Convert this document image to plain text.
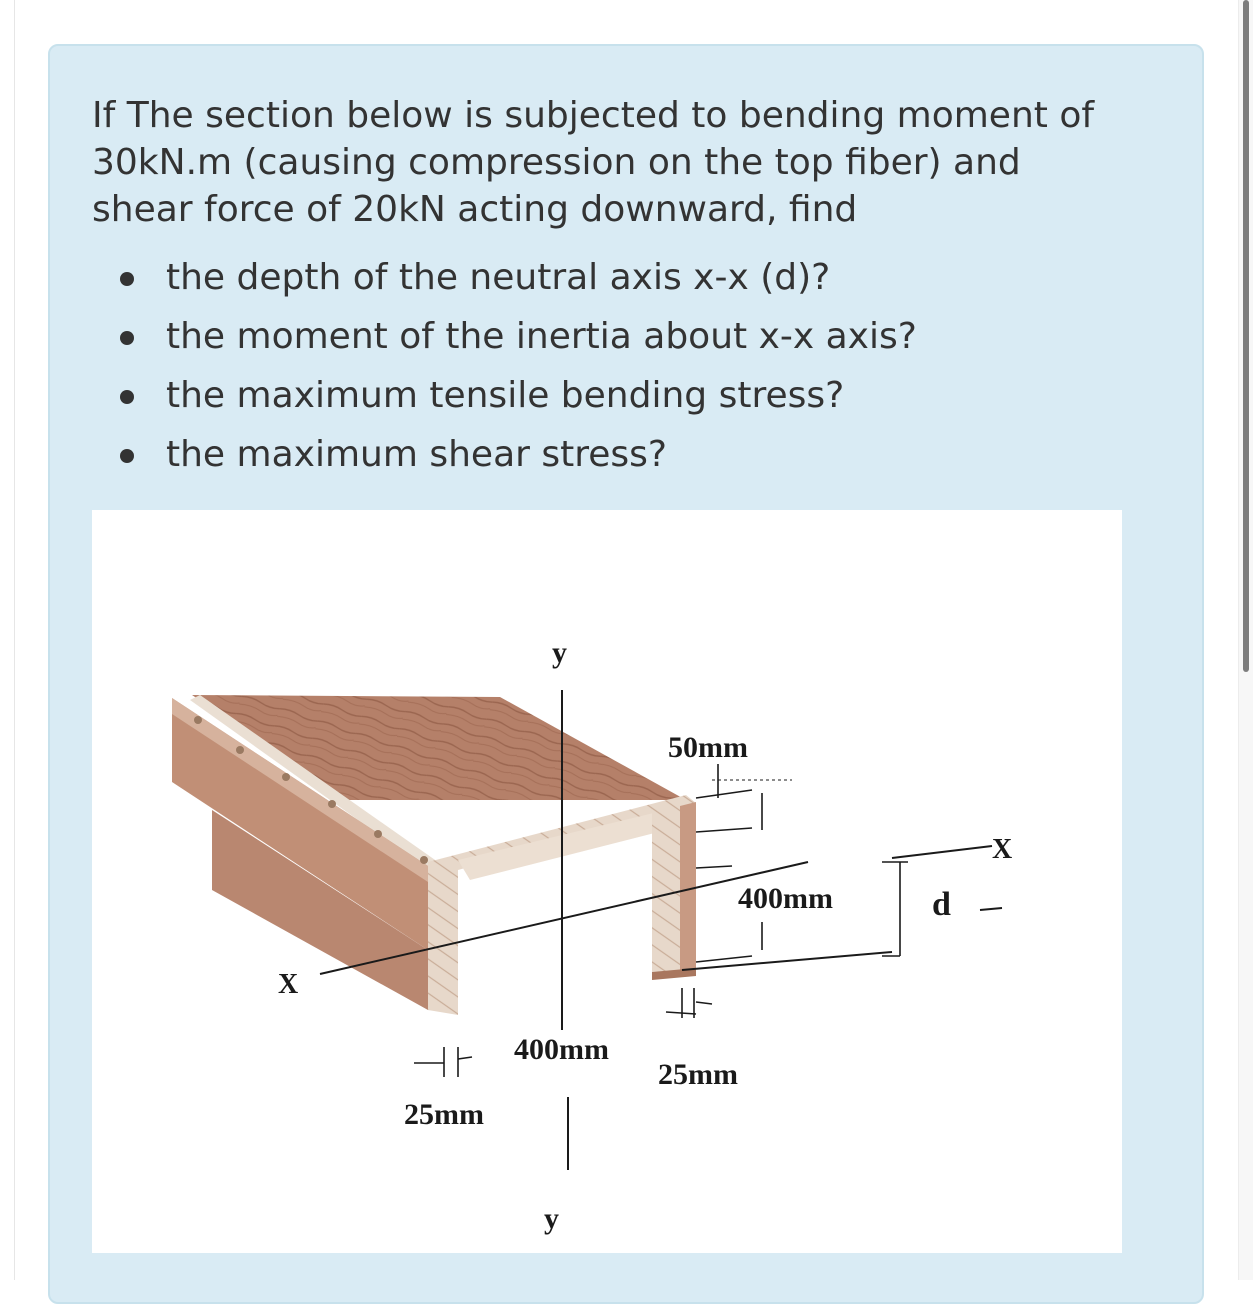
If The section below is subjected to bending moment of 30kN.m (causing compression on the top fiber) and shear force of 20kN acting downward, find

the depth of the neutral axis x-x (d)?
the moment of the inertia about x-x axis?
the maximum tensile bending stress?
the maximum shear stress?
y
y
X
X
50mm
400mm
400mm
25mm
25mm
d
